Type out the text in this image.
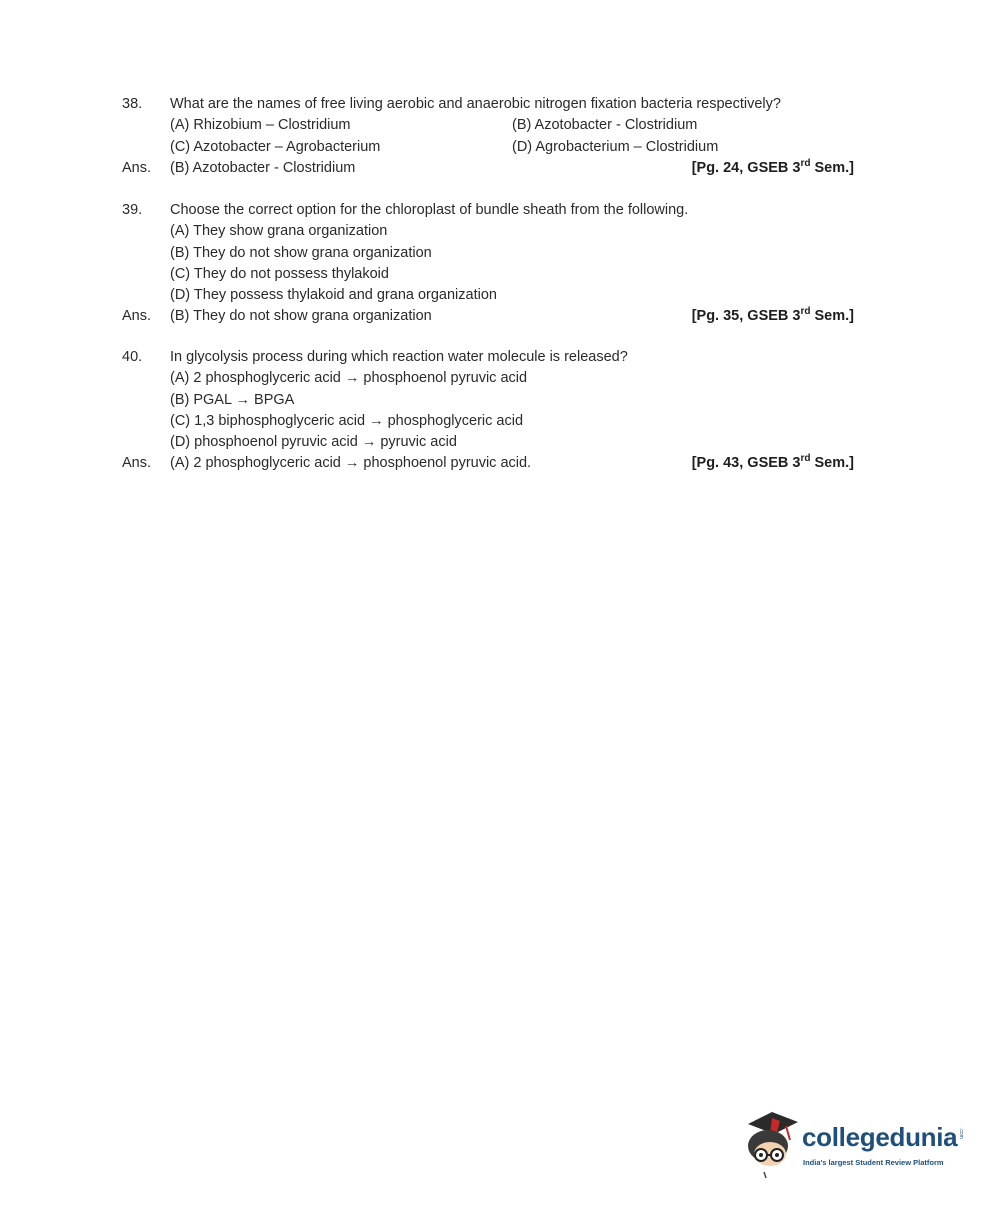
38. What are the names of free living aerobic and anaerobic nitrogen fixation bacteria respectively?
(A) Rhizobium – Clostridium	(B) Azotobacter - Clostridium
(C) Azotobacter – Agrobacterium	(D) Agrobacterium – Clostridium
Ans. (B) Azotobacter - Clostridium	[Pg. 24, GSEB 3rd Sem.]
39. Choose the correct option for the chloroplast of bundle sheath from the following.
(A) They show grana organization
(B) They do not show grana organization
(C) They do not possess thylakoid
(D) They possess thylakoid and grana organization
Ans. (B) They do not show grana organization	[Pg. 35, GSEB 3rd Sem.]
40. In glycolysis process during which reaction water molecule is released?
(A) 2 phosphoglyceric acid → phosphoenol pyruvic acid
(B) PGAL → BPGA
(C) 1,3 biphosphoglyceric acid → phosphoglyceric acid
(D) phosphoenol pyruvic acid → pyruvic acid
Ans. (A) 2 phosphoglyceric acid → phosphoenol pyruvic acid.	[Pg. 43, GSEB 3rd Sem.]
collegedunia .com
India's largest Student Review Platform
